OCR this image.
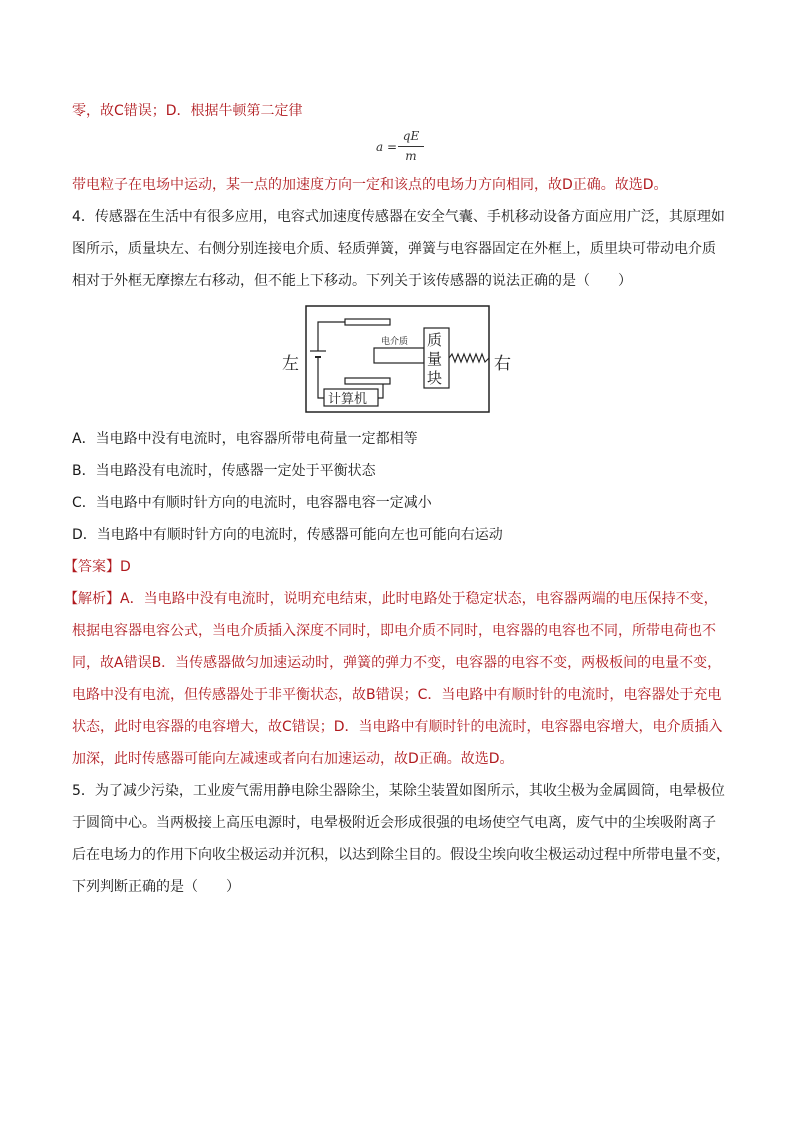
零，故C错误；D．根据牛顿第二定律
a =
qE
m
带电粒子在电场中运动，某一点的加速度方向一定和该点的电场力方向相同，故D正确。故选D。
4．传感器在生活中有很多应用，电容式加速度传感器在安全气囊、手机移动设备方面应用广泛，其原理如
图所示，质量块左、右侧分别连接电介质、轻质弹簧，弹簧与电容器固定在外框上，质里块可带动电介质
相对于外框无摩擦左右移动，但不能上下移动。下列关于该传感器的说法正确的是（　　）
左	右
电介质 质
量
块
计算机
A．当电路中没有电流时，电容器所带电荷量一定都相等
B．当电路没有电流时，传感器一定处于平衡状态
C．当电路中有顺时针方向的电流时，电容器电容一定减小
D．当电路中有顺时针方向的电流时，传感器可能向左也可能向右运动
【答案】D
【解析】A．当电路中没有电流时，说明充电结束，此时电路处于稳定状态，电容器两端的电压保持不变，
根据电容器电容公式，当电介质插入深度不同时，即电介质不同时，电容器的电容也不同，所带电荷也不
同，故A错误B．当传感器做匀加速运动时，弹簧的弹力不变，电容器的电容不变，两极板间的电量不变，
电路中没有电流，但传感器处于非平衡状态，故B错误；C．当电路中有顺时针的电流时，电容器处于充电
状态，此时电容器的电容增大，故C错误；D．当电路中有顺时针的电流时，电容器电容增大，电介质插入
加深，此时传感器可能向左减速或者向右加速运动，故D正确。故选D。
5．为了减少污染，工业废气需用静电除尘器除尘，某除尘装置如图所示，其收尘极为金属圆筒，电晕极位
于圆筒中心。当两极接上高压电源时，电晕极附近会形成很强的电场使空气电离，废气中的尘埃吸附离子
后在电场力的作用下向收尘极运动并沉积，以达到除尘目的。假设尘埃向收尘极运动过程中所带电量不变，
下列判断正确的是（　　）
